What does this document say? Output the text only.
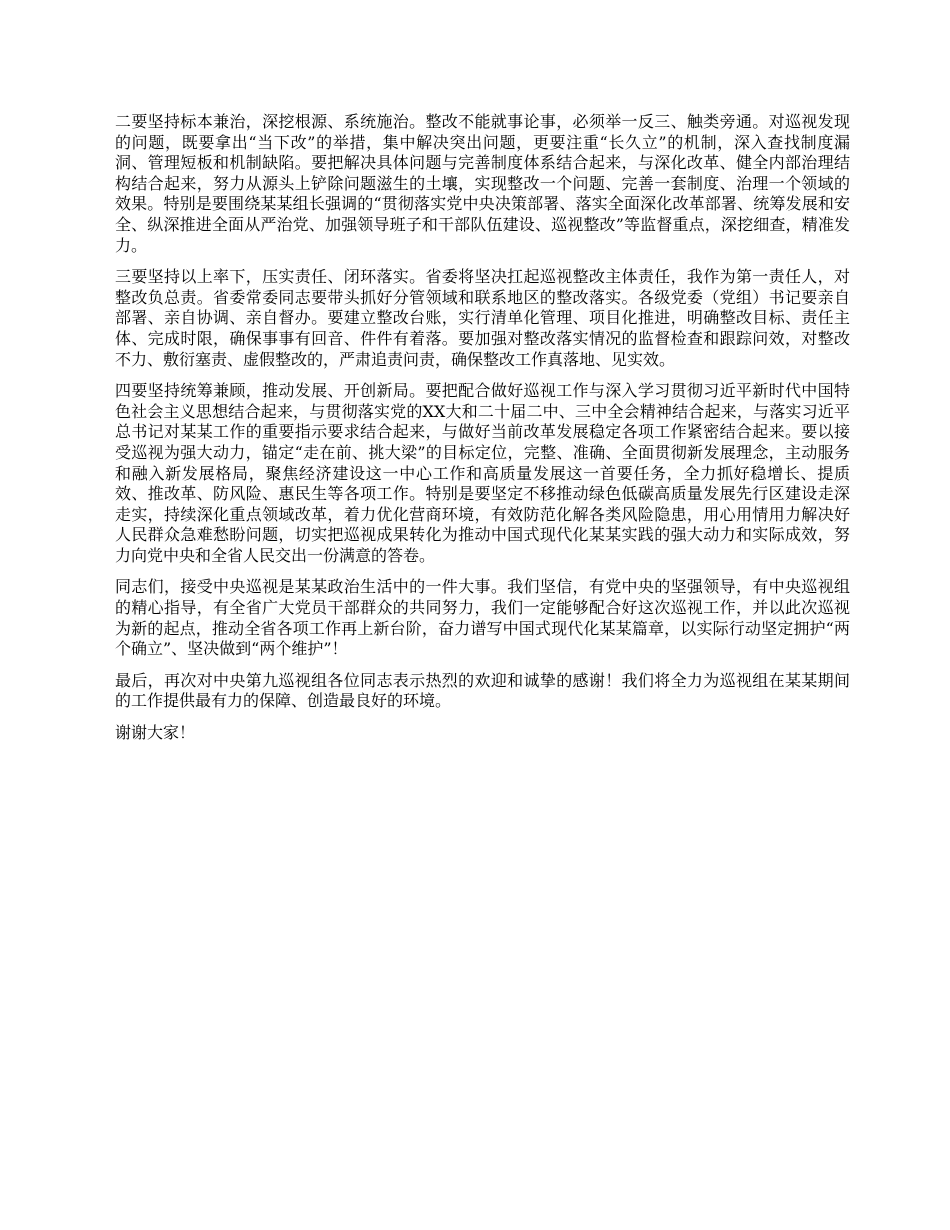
二要坚持标本兼治，深挖根源、系统施治。整改不能就事论事，必须举一反三、触类旁通。对巡视发现的问题，既要拿出“当下改”的举措，集中解决突出问题，更要注重“长久立”的机制，深入查找制度漏洞、管理短板和机制缺陷。要把解决具体问题与完善制度体系结合起来，与深化改革、健全内部治理结构结合起来，努力从源头上铲除问题滋生的土壤，实现整改一个问题、完善一套制度、治理一个领域的效果。特别是要围绕某某组长强调的“贯彻落实党中央决策部署、落实全面深化改革部署、统筹发展和安全、纵深推进全面从严治党、加强领导班子和干部队伍建设、巡视整改”等监督重点，深挖细查，精准发力。

三要坚持以上率下，压实责任、闭环落实。省委将坚决扛起巡视整改主体责任，我作为第一责任人，对整改负总责。省委常委同志要带头抓好分管领域和联系地区的整改落实。各级党委（党组）书记要亲自部署、亲自协调、亲自督办。要建立整改台账，实行清单化管理、项目化推进，明确整改目标、责任主体、完成时限，确保事事有回音、件件有着落。要加强对整改落实情况的监督检查和跟踪问效，对整改不力、敷衍塞责、虚假整改的，严肃追责问责，确保整改工作真落地、见实效。

四要坚持统筹兼顾，推动发展、开创新局。要把配合做好巡视工作与深入学习贯彻习近平新时代中国特色社会主义思想结合起来，与贯彻落实党的XX大和二十届二中、三中全会精神结合起来，与落实习近平总书记对某某工作的重要指示要求结合起来，与做好当前改革发展稳定各项工作紧密结合起来。要以接受巡视为强大动力，锚定“走在前、挑大梁”的目标定位，完整、准确、全面贯彻新发展理念，主动服务和融入新发展格局，聚焦经济建设这一中心工作和高质量发展这一首要任务，全力抓好稳增长、提质效、推改革、防风险、惠民生等各项工作。特别是要坚定不移推动绿色低碳高质量发展先行区建设走深走实，持续深化重点领域改革，着力优化营商环境，有效防范化解各类风险隐患，用心用情用力解决好人民群众急难愁盼问题，切实把巡视成果转化为推动中国式现代化某某实践的强大动力和实际成效，努力向党中央和全省人民交出一份满意的答卷。

同志们，接受中央巡视是某某政治生活中的一件大事。我们坚信，有党中央的坚强领导，有中央巡视组的精心指导，有全省广大党员干部群众的共同努力，我们一定能够配合好这次巡视工作，并以此次巡视为新的起点，推动全省各项工作再上新台阶，奋力谱写中国式现代化某某篇章，以实际行动坚定拥护“两个确立”、坚决做到“两个维护”！

最后，再次对中央第九巡视组各位同志表示热烈的欢迎和诚挚的感谢！我们将全力为巡视组在某某期间的工作提供最有力的保障、创造最良好的环境。

谢谢大家！
